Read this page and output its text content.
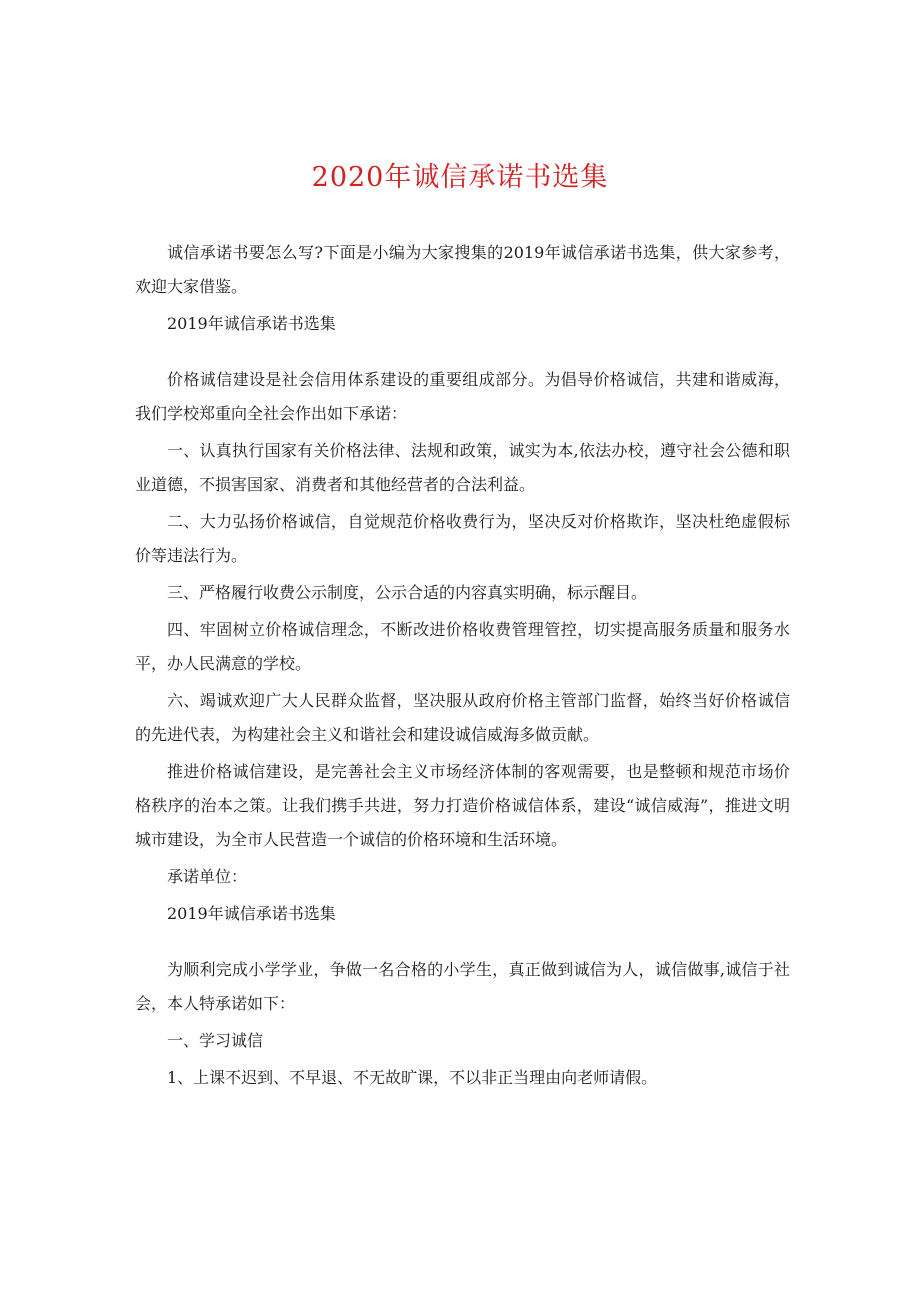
2020年诚信承诺书选集

诚信承诺书要怎么写?下面是小编为大家搜集的2019年诚信承诺书选集，供大家参考，欢迎大家借鉴。

2019年诚信承诺书选集

价格诚信建设是社会信用体系建设的重要组成部分。为倡导价格诚信，共建和谐威海，我们学校郑重向全社会作出如下承诺：

一、认真执行国家有关价格法律、法规和政策，诚实为本,依法办校，遵守社会公德和职业道德，不损害国家、消费者和其他经营者的合法利益。

二、大力弘扬价格诚信，自觉规范价格收费行为，坚决反对价格欺诈，坚决杜绝虚假标价等违法行为。

三、严格履行收费公示制度，公示合适的内容真实明确，标示醒目。

四、牢固树立价格诚信理念，不断改进价格收费管理管控，切实提高服务质量和服务水平，办人民满意的学校。

六、竭诚欢迎广大人民群众监督，坚决服从政府价格主管部门监督，始终当好价格诚信的先进代表，为构建社会主义和谐社会和建设诚信威海多做贡献。

推进价格诚信建设，是完善社会主义市场经济体制的客观需要，也是整顿和规范市场价格秩序的治本之策。让我们携手共进，努力打造价格诚信体系，建设“诚信威海”，推进文明城市建设，为全市人民营造一个诚信的价格环境和生活环境。

承诺单位：

2019年诚信承诺书选集

为顺利完成小学学业，争做一名合格的小学生，真正做到诚信为人，诚信做事,诚信于社会，本人特承诺如下：

一、学习诚信

1、上课不迟到、不早退、不无故旷课，不以非正当理由向老师请假。
